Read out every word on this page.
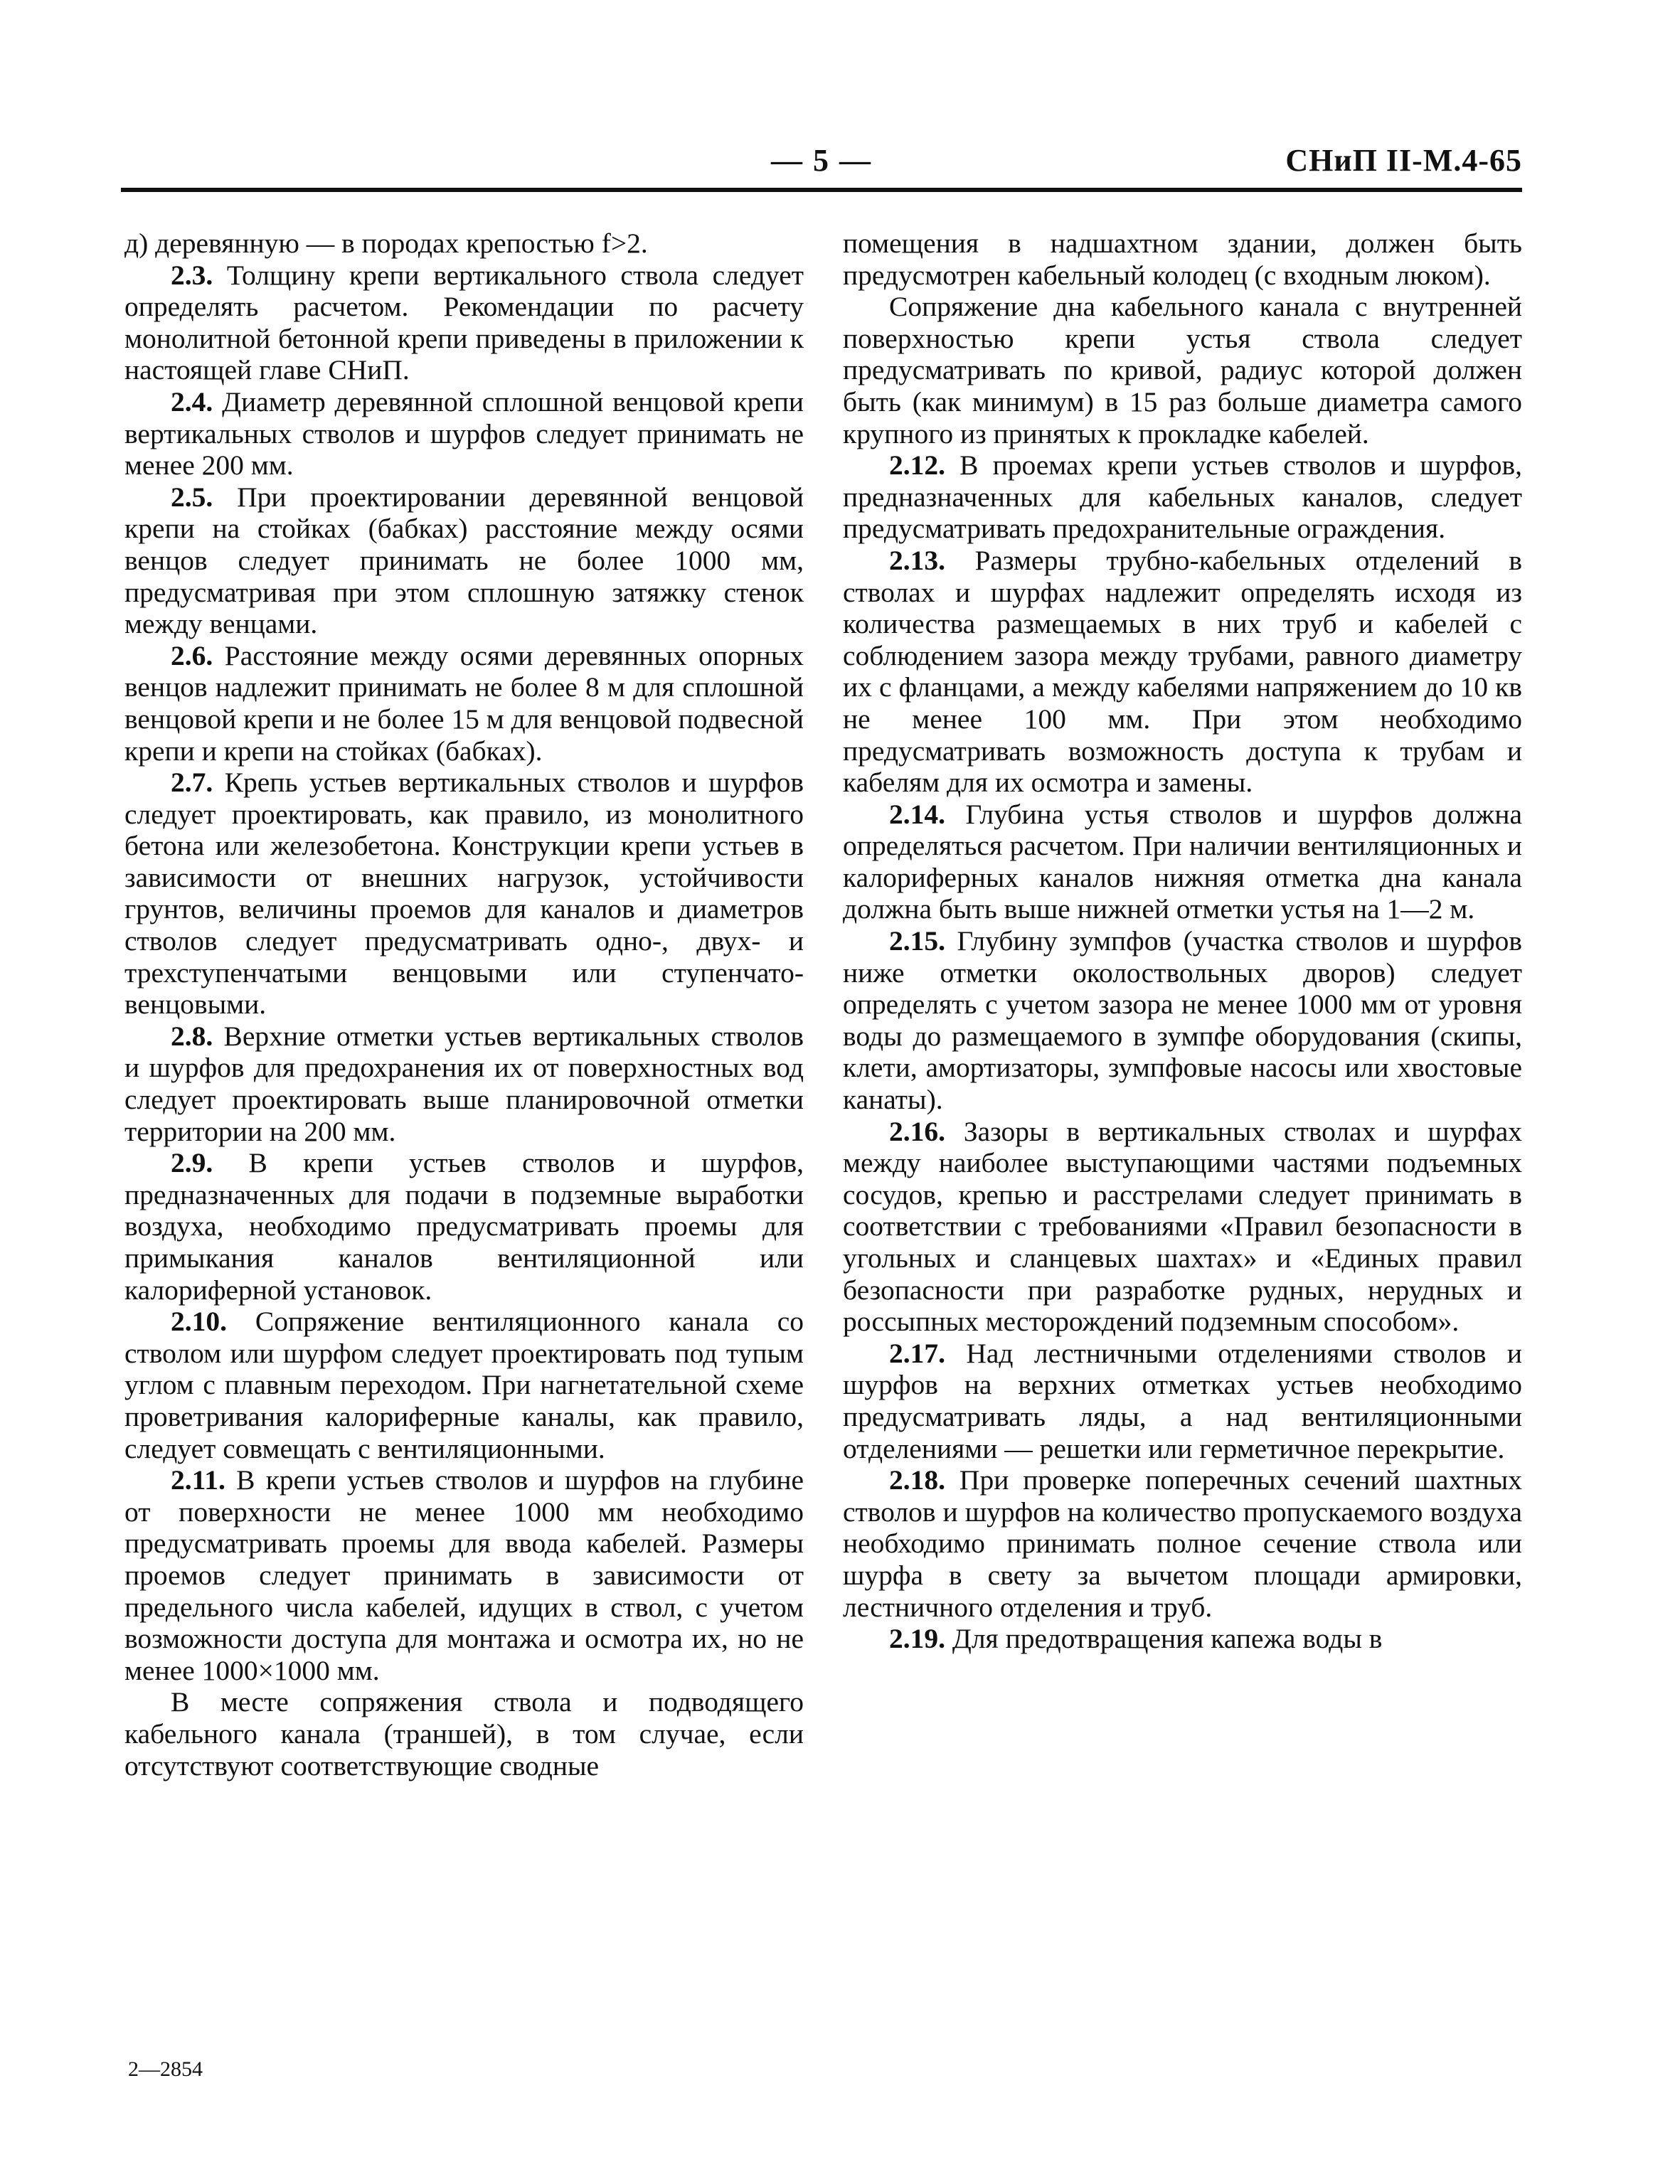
— 5 —	СНиП II-М.4-65

д) деревянную — в породах крепостью f>2.

2.3. Толщину крепи вертикального ствола следует определять расчетом. Рекомендации по расчету монолитной бетонной крепи приведены в приложении к настоящей главе СНиП.

2.4. Диаметр деревянной сплошной венцовой крепи вертикальных стволов и шурфов следует принимать не менее 200 мм.

2.5. При проектировании деревянной венцовой крепи на стойках (бабках) расстояние между осями венцов следует принимать не более 1000 мм, предусматривая при этом сплошную затяжку стенок между венцами.

2.6. Расстояние между осями деревянных опорных венцов надлежит принимать не более 8 м для сплошной венцовой крепи и не более 15 м для венцовой подвесной крепи и крепи на стойках (бабках).

2.7. Крепь устьев вертикальных стволов и шурфов следует проектировать, как правило, из монолитного бетона или железобетона. Конструкции крепи устьев в зависимости от внешних нагрузок, устойчивости грунтов, величины проемов для каналов и диаметров стволов следует предусматривать одно-, двух- и трехступенчатыми венцовыми или ступенчато-венцовыми.

2.8. Верхние отметки устьев вертикальных стволов и шурфов для предохранения их от поверхностных вод следует проектировать выше планировочной отметки территории на 200 мм.

2.9. В крепи устьев стволов и шурфов, предназначенных для подачи в подземные выработки воздуха, необходимо предусматривать проемы для примыкания каналов вентиляционной или калориферной установок.

2.10. Сопряжение вентиляционного канала со стволом или шурфом следует проектировать под тупым углом с плавным переходом. При нагнетательной схеме проветривания калориферные каналы, как правило, следует совмещать с вентиляционными.

2.11. В крепи устьев стволов и шурфов на глубине от поверхности не менее 1000 мм необходимо предусматривать проемы для ввода кабелей. Размеры проемов следует принимать в зависимости от предельного числа кабелей, идущих в ствол, с учетом возможности доступа для монтажа и осмотра их, но не менее 1000×1000 мм.

В месте сопряжения ствола и подводящего кабельного канала (траншей), в том случае, если отсутствуют соответствующие сводные

помещения в надшахтном здании, должен быть предусмотрен кабельный колодец (с входным люком).

Сопряжение дна кабельного канала с внутренней поверхностью крепи устья ствола следует предусматривать по кривой, радиус которой должен быть (как минимум) в 15 раз больше диаметра самого крупного из принятых к прокладке кабелей.

2.12. В проемах крепи устьев стволов и шурфов, предназначенных для кабельных каналов, следует предусматривать предохранительные ограждения.

2.13. Размеры трубно-кабельных отделений в стволах и шурфах надлежит определять исходя из количества размещаемых в них труб и кабелей с соблюдением зазора между трубами, равного диаметру их с фланцами, а между кабелями напряжением до 10 кв не менее 100 мм. При этом необходимо предусматривать возможность доступа к трубам и кабелям для их осмотра и замены.

2.14. Глубина устья стволов и шурфов должна определяться расчетом. При наличии вентиляционных и калориферных каналов нижняя отметка дна канала должна быть выше нижней отметки устья на 1—2 м.

2.15. Глубину зумпфов (участка стволов и шурфов ниже отметки околоствольных дворов) следует определять с учетом зазора не менее 1000 мм от уровня воды до размещаемого в зумпфе оборудования (скипы, клети, амортизаторы, зумпфовые насосы или хвостовые канаты).

2.16. Зазоры в вертикальных стволах и шурфах между наиболее выступающими частями подъемных сосудов, крепью и расстрелами следует принимать в соответствии с требованиями «Правил безопасности в угольных и сланцевых шахтах» и «Единых правил безопасности при разработке рудных, нерудных и россыпных месторождений подземным способом».

2.17. Над лестничными отделениями стволов и шурфов на верхних отметках устьев необходимо предусматривать ляды, а над вентиляционными отделениями — решетки или герметичное перекрытие.

2.18. При проверке поперечных сечений шахтных стволов и шурфов на количество пропускаемого воздуха необходимо принимать полное сечение ствола или шурфа в свету за вычетом площади армировки, лестничного отделения и труб.

2.19. Для предотвращения капежа воды в

2—2854
